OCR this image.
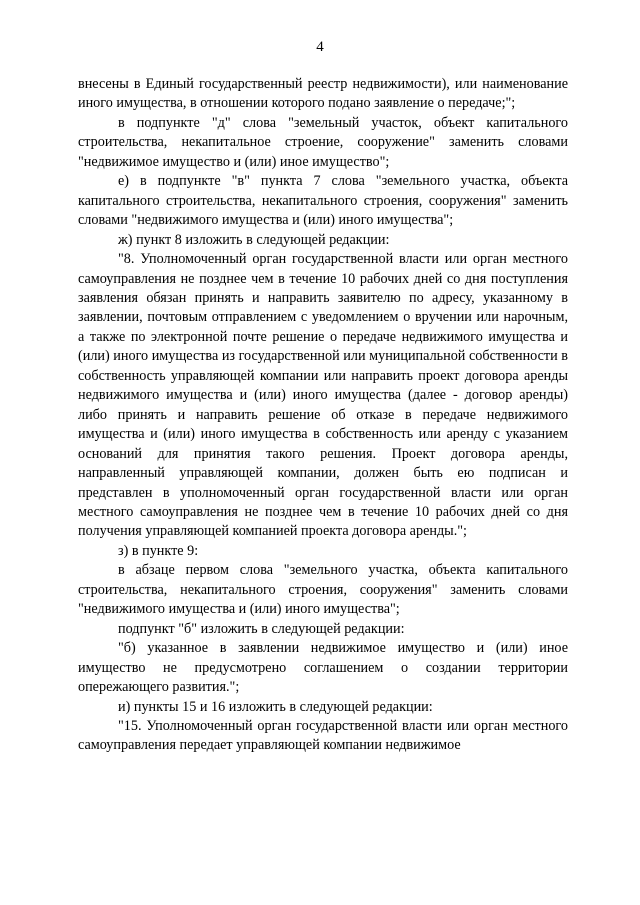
4

внесены в Единый государственный реестр недвижимости), или наименование иного имущества, в отношении которого подано заявление о передаче;";

в подпункте "д" слова "земельный участок, объект капитального строительства, некапитальное строение, сооружение" заменить словами "недвижимое имущество и (или) иное имущество";

е) в подпункте "в" пункта 7 слова "земельного участка, объекта капитального строительства, некапитального строения, сооружения" заменить словами "недвижимого имущества и (или) иного имущества";

ж) пункт 8 изложить в следующей редакции:

"8. Уполномоченный орган государственной власти или орган местного самоуправления не позднее чем в течение 10 рабочих дней со дня поступления заявления обязан принять и направить заявителю по адресу, указанному в заявлении, почтовым отправлением с уведомлением о вручении или нарочным, а также по электронной почте решение о передаче недвижимого имущества и (или) иного имущества из государственной или муниципальной собственности в собственность управляющей компании или направить проект договора аренды недвижимого имущества и (или) иного имущества (далее - договор аренды) либо принять и направить решение об отказе в передаче недвижимого имущества и (или) иного имущества в собственность или аренду с указанием оснований для принятия такого решения. Проект договора аренды, направленный управляющей компании, должен быть ею подписан и представлен в уполномоченный орган государственной власти или орган местного самоуправления не позднее чем в течение 10 рабочих дней со дня получения управляющей компанией проекта договора аренды.";

з) в пункте 9:

в абзаце первом слова "земельного участка, объекта капитального строительства, некапитального строения, сооружения" заменить словами "недвижимого имущества и (или) иного имущества";

подпункт "б" изложить в следующей редакции:

"б) указанное в заявлении недвижимое имущество и (или) иное имущество не предусмотрено соглашением о создании территории опережающего развития.";

и) пункты 15 и 16 изложить в следующей редакции:

"15. Уполномоченный орган государственной власти или орган местного самоуправления передает управляющей компании недвижимое
